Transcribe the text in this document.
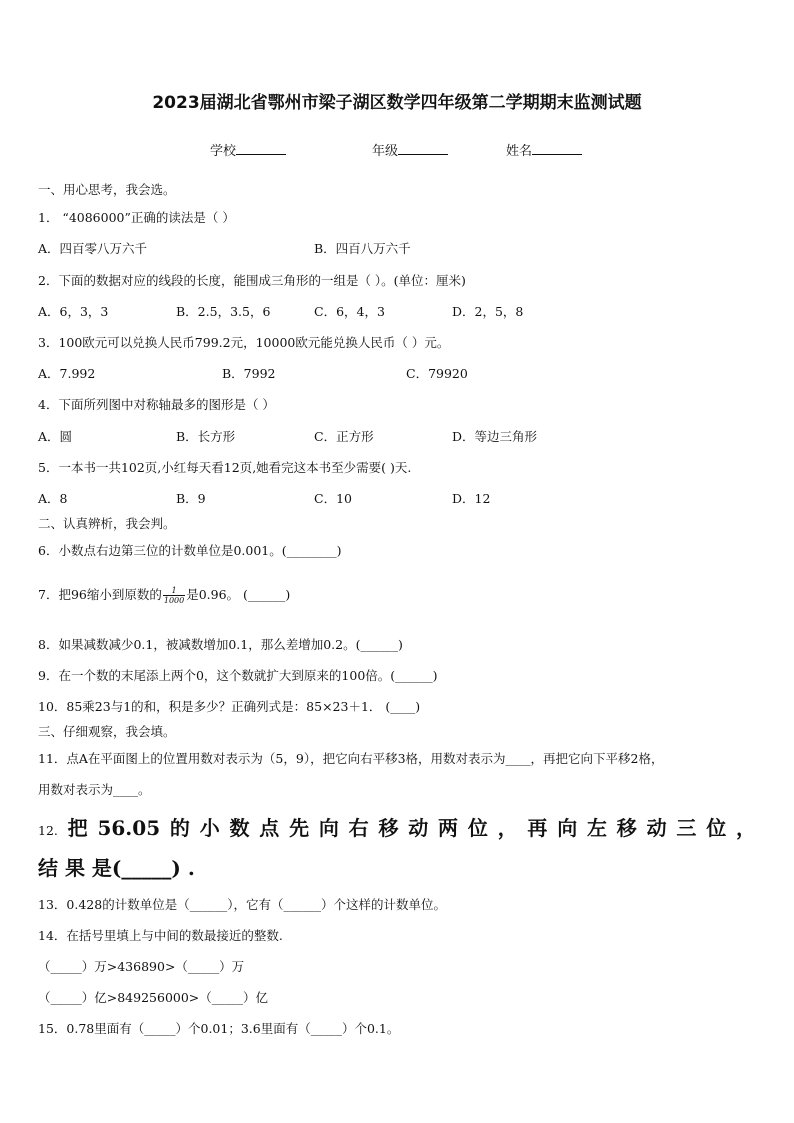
2023届湖北省鄂州市梁子湖区数学四年级第二学期期末监测试题
学校	年级	姓名
一、用心思考，我会选。
1． “4086000”正确的读法是（ ）
A．四百零八万六千	B．四百八万六千
2．下面的数据对应的线段的长度，能围成三角形的一组是（ ）。(单位：厘米)
A．6，3，3	B．2.5，3.5，6	C．6，4，3	D．2，5，8
3．100欧元可以兑换人民币799.2元，10000欧元能兑换人民币（ ）元。
A．7.992	B．7992	C．79920
4．下面所列图中对称轴最多的图形是（ ）
A．圆	B．长方形	C．正方形	D．等边三角形
5．一本书一共102页,小红每天看12页,她看完这本书至少需要( )天.
A．8	B．9	C．10	D．12
二、认真辨析，我会判。
6．小数点右边第三位的计数单位是0.001。(________)
7．把96缩小到原数的 $\frac{1}{1000}$ 是0.96。 (______)
8．如果减数减少0.1，被减数增加0.1，那么差增加0.2。(______)
9．在一个数的末尾添上两个0，这个数就扩大到原来的100倍。(______)
10．85乘23与1的和，积是多少？正确列式是：85×23＋1． (____)
三、仔细观察，我会填。
11．点A在平面图上的位置用数对表示为（5，9），把它向右平移3格，用数对表示为____，再把它向下平移2格，
用数对表示为____。
12.把56.05的小数点先向右移动两位，再向左移动三位，
结 果 是(_____) .
13．0.428的计数单位是（______），它有（______）个这样的计数单位。
14．在括号里填上与中间的数最接近的整数.
（_____）万>436890>（_____）万
（_____）亿>849256000>（_____）亿
15．0.78里面有（_____）个0.01；3.6里面有（_____）个0.1。
